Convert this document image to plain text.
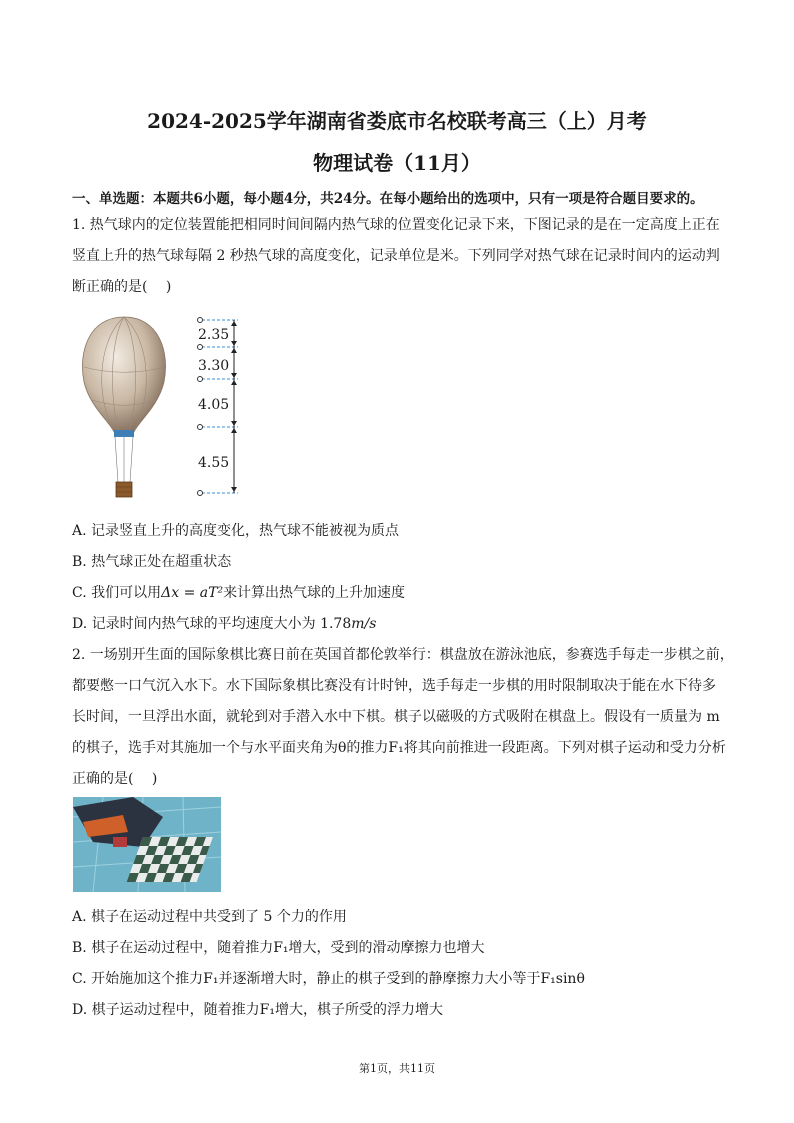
2024-2025学年湖南省娄底市名校联考高三（上）月考
物理试卷（11月）
一、单选题：本题共6小题，每小题4分，共24分。在每小题给出的选项中，只有一项是符合题目要求的。
1. 热气球内的定位装置能把相同时间间隔内热气球的位置变化记录下来，下图记录的是在一定高度上正在
竖直上升的热气球每隔 2 秒热气球的高度变化，记录单位是米。下列同学对热气球在记录时间内的运动判
断正确的是(　 )
2.35
3.30
4.05
4.55
A. 记录竖直上升的高度变化，热气球不能被视为质点
B. 热气球正处在超重状态
C. 我们可以用Δx = aT²来计算出热气球的上升加速度
D. 记录时间内热气球的平均速度大小为 1.78m/s
2. 一场别开生面的国际象棋比赛日前在英国首都伦敦举行：棋盘放在游泳池底，参赛选手每走一步棋之前，
都要憋一口气沉入水下。水下国际象棋比赛没有计时钟，选手每走一步棋的用时限制取决于能在水下待多
长时间，一旦浮出水面，就轮到对手潜入水中下棋。棋子以磁吸的方式吸附在棋盘上。假设有一质量为 m
的棋子，选手对其施加一个与水平面夹角为θ的推力F₁将其向前推进一段距离。下列对棋子运动和受力分析
正确的是(　 )
A. 棋子在运动过程中共受到了 5 个力的作用
B. 棋子在运动过程中，随着推力F₁增大，受到的滑动摩擦力也增大
C. 开始施加这个推力F₁并逐渐增大时，静止的棋子受到的静摩擦力大小等于F₁sinθ
D. 棋子运动过程中，随着推力F₁增大，棋子所受的浮力增大
第1页，共11页
